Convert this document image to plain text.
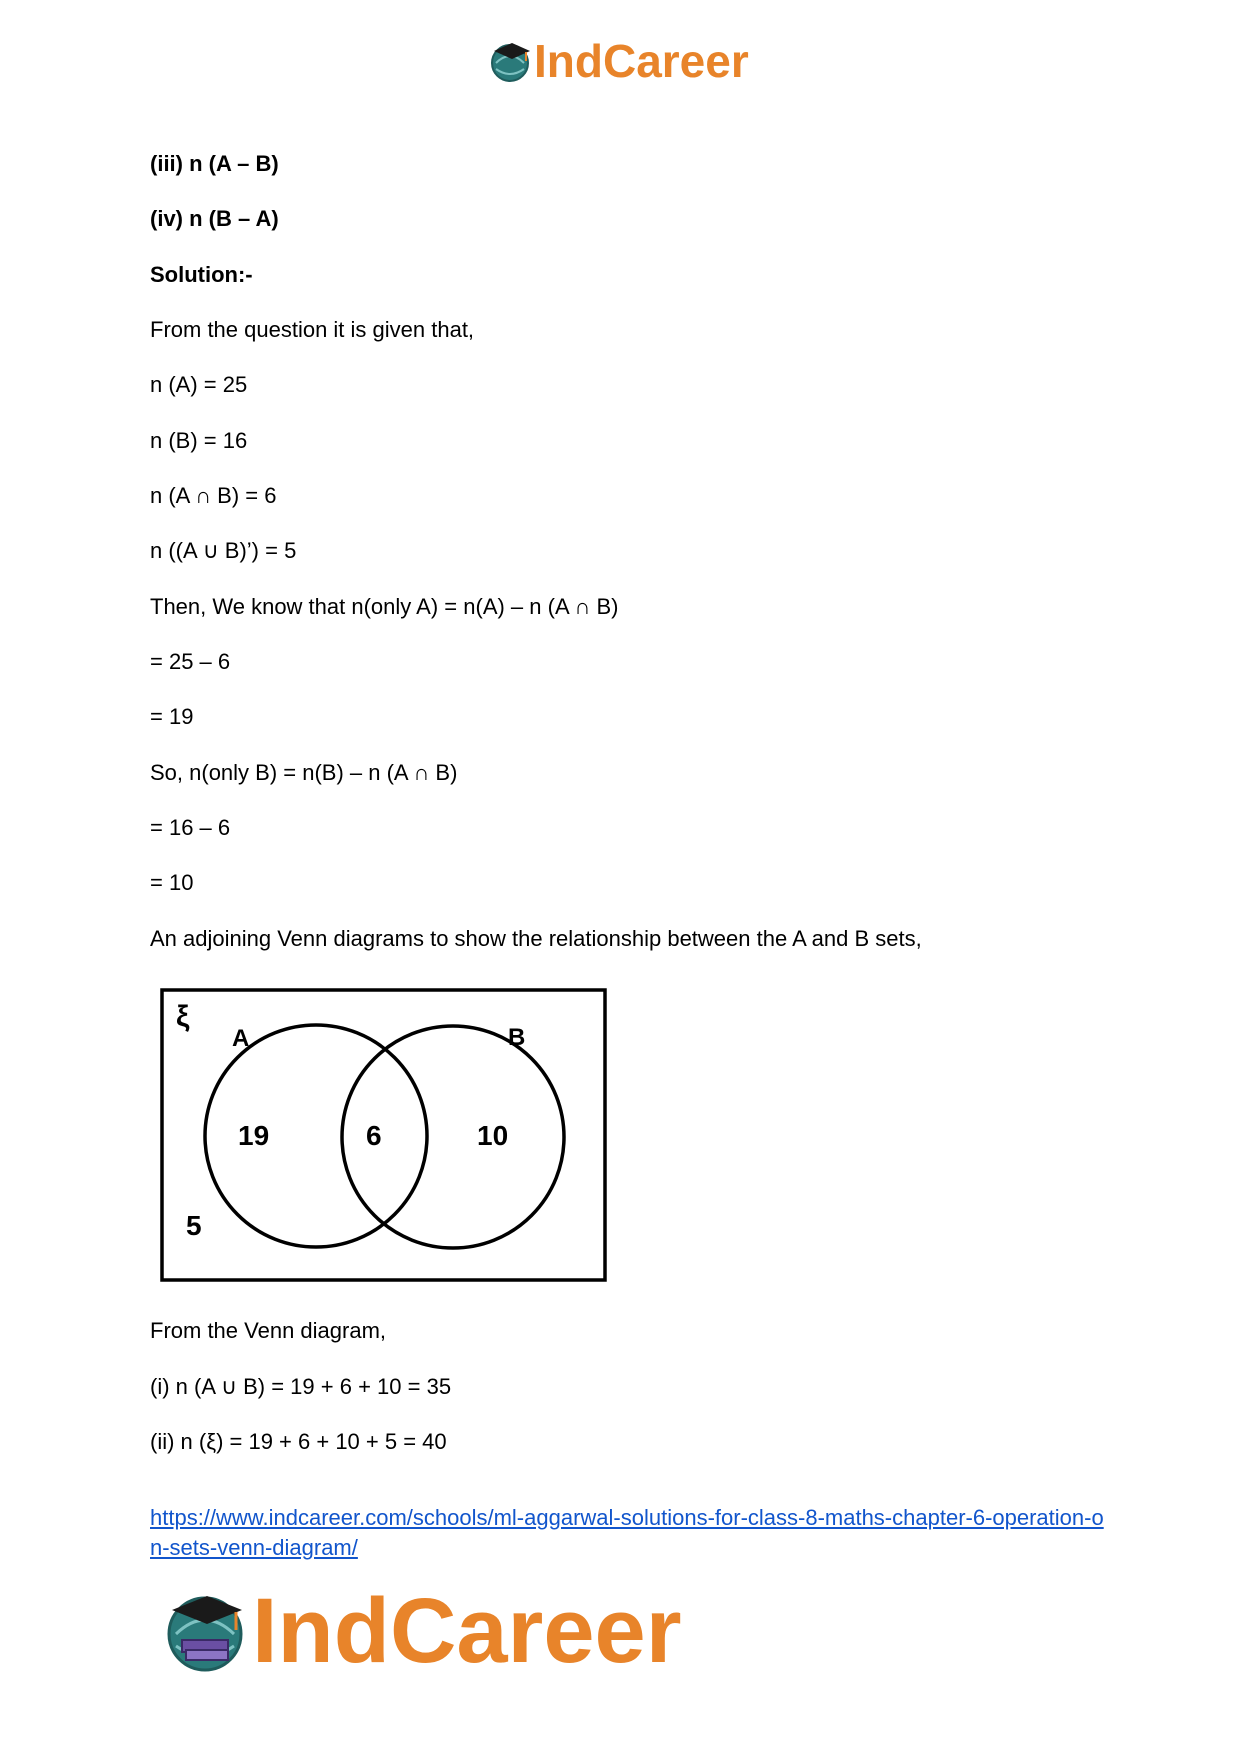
IndCareer
(iii) n (A – B)
(iv) n (B – A)
Solution:-
From the question it is given that,
n (A) = 25
n (B) = 16
n (A ∩ B) = 6
n ((A ∪ B)’) = 5
Then, We know that n(only A) = n(A) – n (A ∩ B)
= 25 – 6
= 19
So, n(only B) = n(B) – n (A ∩ B)
= 16 – 6
= 10
An adjoining Venn diagrams to show the relationship between the A and B sets,
From the Venn diagram,
(i) n (A ∪ B) = 19 + 6 + 10 = 35
(ii) n (ξ) = 19 + 6 + 10 + 5 = 40
ξ
A	B
19	6	10
5
https://www.indcareer.com/schools/ml-aggarwal-solutions-for-class-8-maths-chapter-6-operation-on-sets-venn-diagram/
IndCareer
